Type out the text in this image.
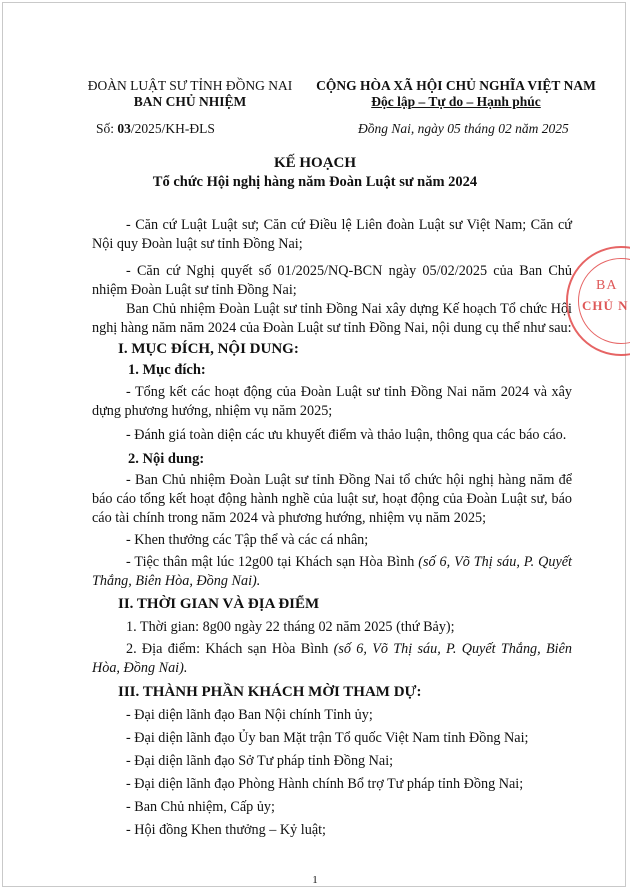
ĐOÀN LUẬT SƯ TỈNH ĐỒNG NAI
BAN CHỦ NHIỆM
CỘNG HÒA XÃ HỘI CHỦ NGHĨA VIỆT NAM
Độc lập – Tự do – Hạnh phúc
Số: 03/2025/KH-ĐLS	Đồng Nai, ngày 05 tháng 02 năm 2025
KẾ HOẠCH
Tổ chức Hội nghị hàng năm Đoàn Luật sư năm 2024
- Căn cứ Luật Luật sư; Căn cứ Điều lệ Liên đoàn Luật sư Việt Nam; Căn cứ Nội quy Đoàn luật sư tỉnh Đồng Nai;
- Căn cứ Nghị quyết số 01/2025/NQ-BCN ngày 05/02/2025 của Ban Chủ nhiệm Đoàn Luật sư tỉnh Đồng Nai;
Ban Chủ nhiệm Đoàn Luật sư tỉnh Đồng Nai xây dựng Kế hoạch Tổ chức Hội nghị hàng năm năm 2024 của Đoàn Luật sư tỉnh Đồng Nai, nội dung cụ thể như sau:
I. MỤC ĐÍCH, NỘI DUNG:
1. Mục đích:
- Tổng kết các hoạt động của Đoàn Luật sư tỉnh Đồng Nai năm 2024 và xây dựng phương hướng, nhiệm vụ năm 2025;
- Đánh giá toàn diện các ưu khuyết điểm và thảo luận, thông qua các báo cáo.
2. Nội dung:
- Ban Chủ nhiệm Đoàn Luật sư tỉnh Đồng Nai tổ chức hội nghị hàng năm để báo cáo tổng kết hoạt động hành nghề của luật sư, hoạt động của Đoàn Luật sư, báo cáo tài chính trong năm 2024 và phương hướng, nhiệm vụ năm 2025;
- Khen thưởng các Tập thể và các cá nhân;
- Tiệc thân mật lúc 12g00 tại Khách sạn Hòa Bình (số 6, Võ Thị sáu, P. Quyết Thắng, Biên Hòa, Đồng Nai).
II. THỜI GIAN VÀ ĐỊA ĐIỂM
1. Thời gian: 8g00 ngày 22 tháng 02 năm 2025 (thứ Bảy);
2. Địa điểm: Khách sạn Hòa Bình (số 6, Võ Thị sáu, P. Quyết Thắng, Biên Hòa, Đồng Nai).
III. THÀNH PHẦN KHÁCH MỜI THAM DỰ:
- Đại diện lãnh đạo Ban Nội chính Tỉnh ủy;
- Đại diện lãnh đạo Ủy ban Mặt trận Tổ quốc Việt Nam tỉnh Đồng Nai;
- Đại diện lãnh đạo Sở Tư pháp tỉnh Đồng Nai;
- Đại diện lãnh đạo Phòng Hành chính Bổ trợ Tư pháp tỉnh Đồng Nai;
- Ban Chủ nhiệm, Cấp ủy;
- Hội đồng Khen thưởng – Kỷ luật;
BA
CHỦ N
1
